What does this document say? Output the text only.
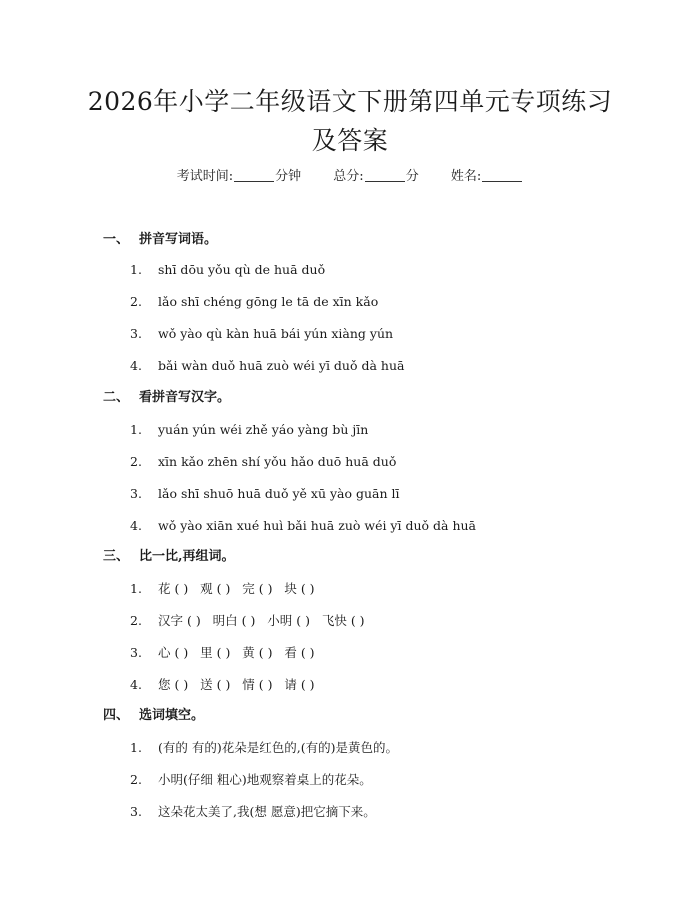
2026年小学二年级语文下册第四单元专项练习及答案
考试时间:	分钟 总分:	分 姓名:
一、 拼音写词语。
1. shī dōu yǒu qù de huā duǒ
2. lǎo shī chéng gōng le tā de xīn kǎo
3. wǒ yào qù kàn huā bái yún xiàng yún
4. bǎi wàn duǒ huā zuò wéi yī duǒ dà huā
二、 看拼音写汉字。
1. yuán yún wéi zhě yáo yàng bù jīn
2. xīn kǎo zhēn shí yǒu hǎo duō huā duǒ
3. lǎo shī shuō huā duǒ yě xū yào guān lī
4. wǒ yào xiān xué huì bǎi huā zuò wéi yī duǒ dà huā
三、 比一比,再组词。
1. 花 ( )   观 ( )   完 ( )   块 ( )
2. 汉字 ( )   明白 ( )   小明 ( )   飞快 ( )
3. 心 ( )   里 ( )   黄 ( )   看 ( )
4. 您 ( )   送 ( )   情 ( )   请 ( )
四、 选词填空。
1. (有的 有的)花朵是红色的,(有的)是黄色的。
2. 小明(仔细 粗心)地观察着桌上的花朵。
3. 这朵花太美了,我(想 愿意)把它摘下来。
